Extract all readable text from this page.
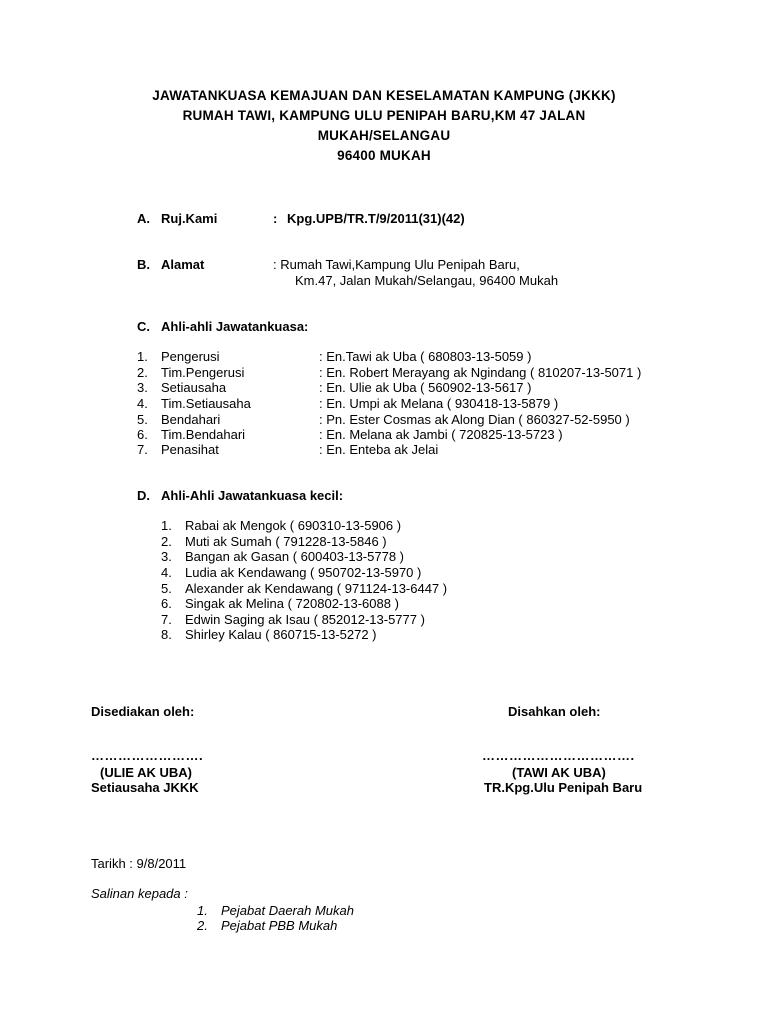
JAWATANKUASA KEMAJUAN DAN KESELAMATAN KAMPUNG (JKKK)
RUMAH TAWI, KAMPUNG ULU PENIPAH BARU,KM 47 JALAN
MUKAH/SELANGAU
96400 MUKAH
A. Ruj.Kami	: Kpg.UPB/TR.T/9/2011(31)(42)
B. Alamat	: Rumah Tawi,Kampung Ulu Penipah Baru,
Km.47, Jalan Mukah/Selangau, 96400 Mukah
C. Ahli-ahli Jawatankuasa:
1. Pengerusi	: En.Tawi ak Uba ( 680803-13-5059 )
2. Tim.Pengerusi	: En. Robert Merayang ak Ngindang ( 810207-13-5071 )
3. Setiausaha	: En. Ulie ak Uba ( 560902-13-5617 )
4. Tim.Setiausaha	: En. Umpi ak Melana ( 930418-13-5879 )
5. Bendahari	: Pn. Ester Cosmas ak Along Dian ( 860327-52-5950 )
6. Tim.Bendahari	: En. Melana ak Jambi ( 720825-13-5723 )
7. Penasihat	: En. Enteba ak Jelai
D. Ahli-Ahli Jawatankuasa kecil:
1. Rabai ak Mengok ( 690310-13-5906 )
2. Muti ak Sumah ( 791228-13-5846 )
3. Bangan ak Gasan ( 600403-13-5778 )
4. Ludia ak Kendawang ( 950702-13-5970 )
5. Alexander ak Kendawang ( 971124-13-6447 )
6. Singak ak Melina ( 720802-13-6088 )
7. Edwin Saging ak Isau ( 852012-13-5777 )
8. Shirley Kalau ( 860715-13-5272 )
Disediakan oleh:	Disahkan oleh:
…………………….	…………………………….
(ULIE AK UBA)	(TAWI AK UBA)
Setiausaha JKKK	TR.Kpg.Ulu Penipah Baru
Tarikh : 9/8/2011
Salinan kepada :
1. Pejabat Daerah Mukah
2. Pejabat PBB Mukah
